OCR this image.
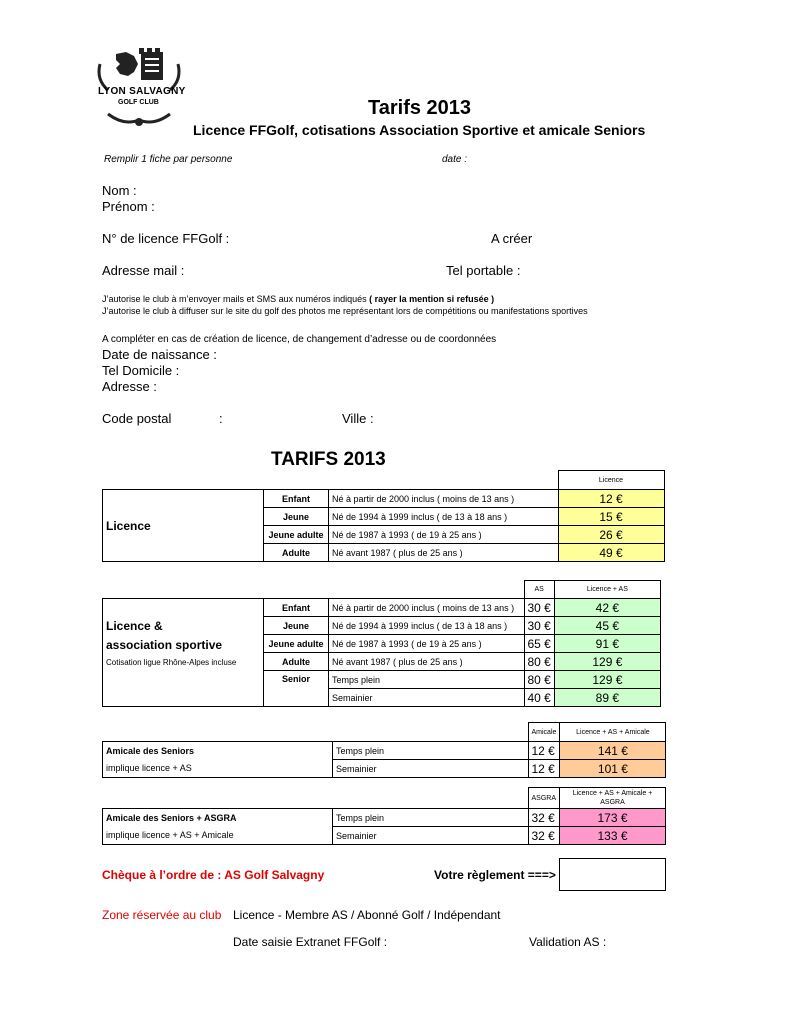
LYON SALVAGNY
GOLF CLUB	Tarifs 2013
Licence FFGolf, cotisations Association Sportive et amicale Seniors
Remplir 1 fiche par personne	date :
Nom :
Prénom :
N° de licence FFGolf :	A créer
Adresse mail :	Tel portable :
J’autorise le club à m’envoyer mails et SMS aux numéros indiqués ( rayer la mention si refusée )
J’autorise le club à diffuser sur le site du golf des photos me représentant lors de compétitions ou manifestations sportives
A compléter en cas de création de licence, de changement d’adresse ou de coordonnées
Date de naissance :
Tel Domicile :
Adresse :
Code postal	:	Ville :
TARIFS 2013
			Licence
Licence	Enfant	Né à partir de 2000 inclus ( moins de 13 ans )	12 €
	Jeune	Né de 1994 à 1999 inclus ( de 13 à 18 ans )	15 €
	Jeune adulte	Né de 1987 à 1993 ( de 19 à 25 ans )	26 €
	Adulte	Né avant 1987 ( plus de 25 ans )	49 €
			AS	Licence + AS

Licence &
association sportive
Cotisation ligue Rhône-Alpes incluse	Enfant	Né à partir de 2000 inclus ( moins de 13 ans )	30 €	42 €
	Jeune	Né de 1994 à 1999 inclus ( de 13 à 18 ans )	30 €	45 €
	Jeune adulte	Né de 1987 à 1993 ( de 19 à 25 ans )	65 €	91 €
	Adulte	Né avant 1987 ( plus de 25 ans )	80 €	129 €
	Senior	Temps plein	80 €	129 €
		Semainier	40 €	89 €
		Amicale	Licence + AS + Amicale
Amicale des Seniors	Temps plein	12 €	141 €
implique licence + AS	Semainier	12 €	101 €
		ASGRA	Licence + AS + Amicale + ASGRA
Amicale des Seniors + ASGRA	Temps plein	32 €	173 €
implique licence + AS + Amicale	Semainier	32 €	133 €
Chèque à l’ordre de : AS Golf Salvagny	Votre règlement ===>
Zone réservée au club Licence - Membre AS / Abonné Golf / Indépendant
Date saisie Extranet FFGolf :	Validation AS :
